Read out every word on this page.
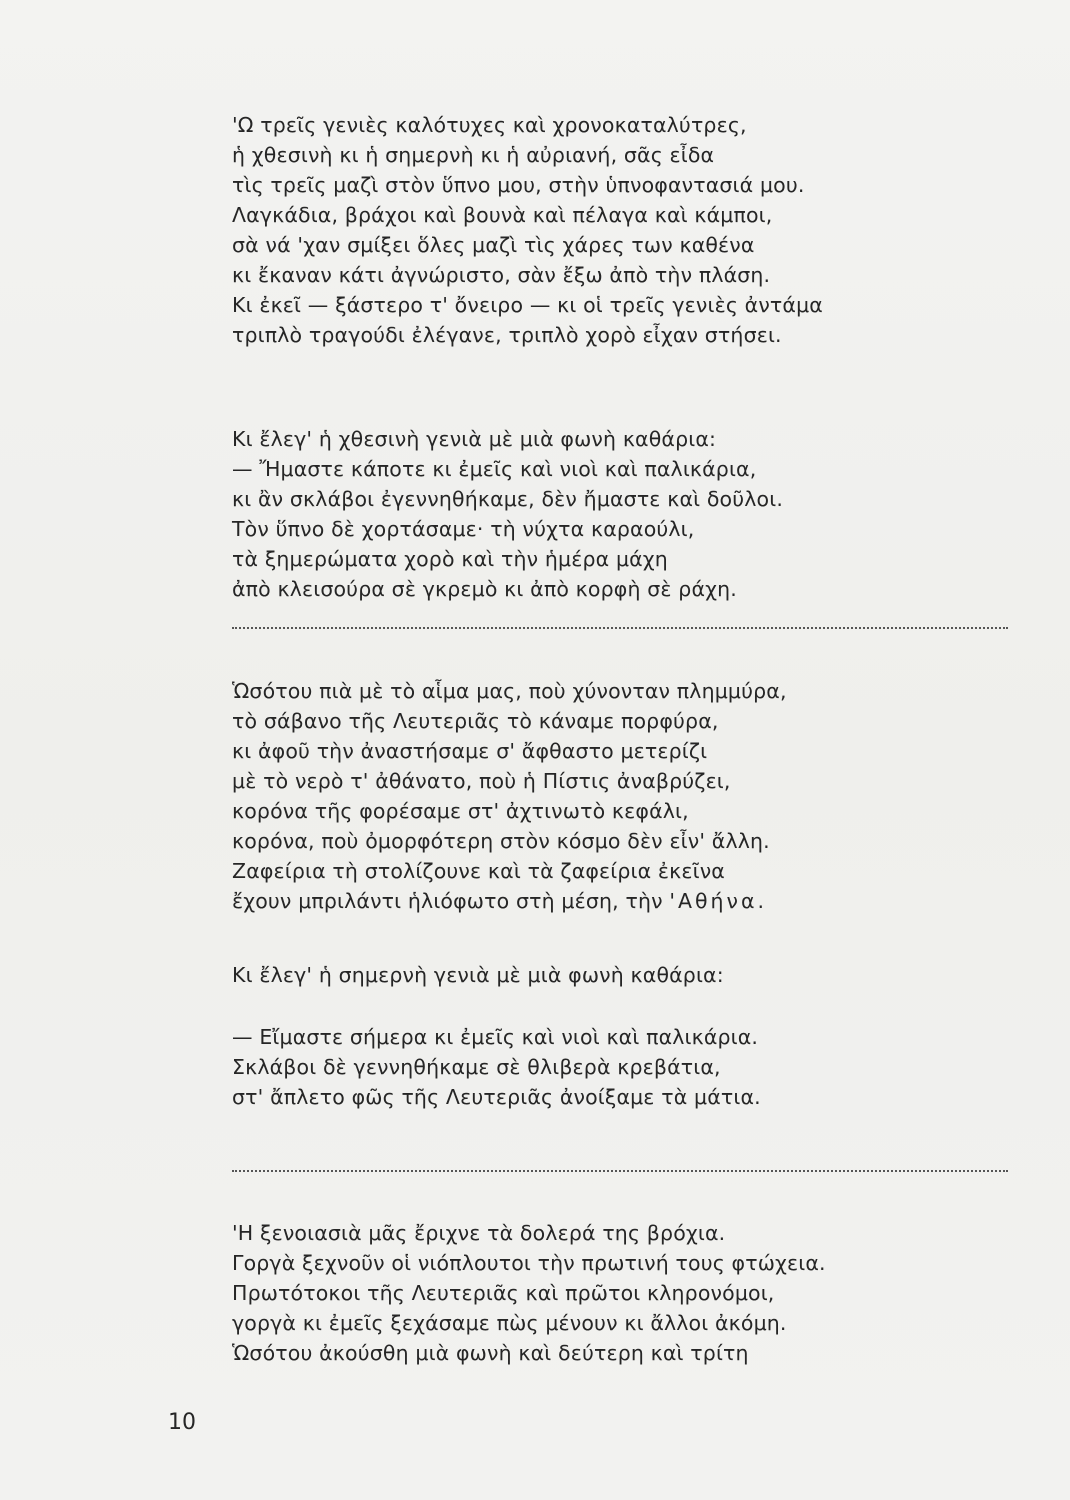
'Ω τρεῖς γενιὲς καλότυχες καὶ χρονοκαταλύτρες,
ἡ χθεσινὴ κι ἡ σημερνὴ κι ἡ αὐριανή, σᾶς εἶδα
τὶς τρεῖς μαζὶ στὸν ὕπνο μου, στὴν ὑπνοφαντασιά μου.
Λαγκάδια, βράχοι καὶ βουνὰ καὶ πέλαγα καὶ κάμποι,
σὰ νά 'χαν σμίξει ὅλες μαζὶ τὶς χάρες των καθένα
κι ἔκαναν κάτι ἀγνώριστο, σὰν ἔξω ἀπὸ τὴν πλάση.
Κι ἐκεῖ — ξάστερο τ' ὄνειρο — κι οἱ τρεῖς γενιὲς ἀντάμα
τριπλὸ τραγούδι ἐλέγανε, τριπλὸ χορὸ εἶχαν στήσει.
Κι ἔλεγ' ἡ χθεσινὴ γενιὰ μὲ μιὰ φωνὴ καθάρια:
— Ἤμαστε κάποτε κι ἐμεῖς καὶ νιοὶ καὶ παλικάρια,
κι ἂν σκλάβοι ἐγεννηθήκαμε, δὲν ἤμαστε καὶ δοῦλοι.
Τὸν ὕπνο δὲ χορτάσαμε· τὴ νύχτα καραούλι,
τὰ ξημερώματα χορὸ καὶ τὴν ἡμέρα μάχη
ἀπὸ κλεισούρα σὲ γκρεμὸ κι ἀπὸ κορφὴ σὲ ράχη.
Ὡσότου πιὰ μὲ τὸ αἷμα μας, ποὺ χύνονταν πλημμύρα,
τὸ σάβανο τῆς Λευτεριᾶς τὸ κάναμε πορφύρα,
κι ἀφοῦ τὴν ἀναστήσαμε σ' ἄφθαστο μετερίζι
μὲ τὸ νερὸ τ' ἀθάνατο, ποὺ ἡ Πίστις ἀναβρύζει,
κορόνα τῆς φορέσαμε στ' ἀχτινωτὸ κεφάλι,
κορόνα, ποὺ ὀμορφότερη στὸν κόσμο δὲν εἶν' ἄλλη.
Ζαφείρια τὴ στολίζουνε καὶ τὰ ζαφείρια ἐκεῖνα
ἔχουν μπριλάντι ἡλιόφωτο στὴ μέση, τὴν 'Αθήνα.
Κι ἔλεγ' ἡ σημερνὴ γενιὰ μὲ μιὰ φωνὴ καθάρια:
— Εἴμαστε σήμερα κι ἐμεῖς καὶ νιοὶ καὶ παλικάρια.
Σκλάβοι δὲ γεννηθήκαμε σὲ θλιβερὰ κρεβάτια,
στ' ἄπλετο φῶς τῆς Λευτεριᾶς ἀνοίξαμε τὰ μάτια.
'Η ξενοιασιὰ μᾶς ἔριχνε τὰ δολερά της βρόχια.
Γοργὰ ξεχνοῦν οἱ νιόπλουτοι τὴν πρωτινή τους φτώχεια.
Πρωτότοκοι τῆς Λευτεριᾶς καὶ πρῶτοι κληρονόμοι,
γοργὰ κι ἐμεῖς ξεχάσαμε πὼς μένουν κι ἄλλοι ἀκόμη.
Ὡσότου ἀκούσθη μιὰ φωνὴ καὶ δεύτερη καὶ τρίτη
10
